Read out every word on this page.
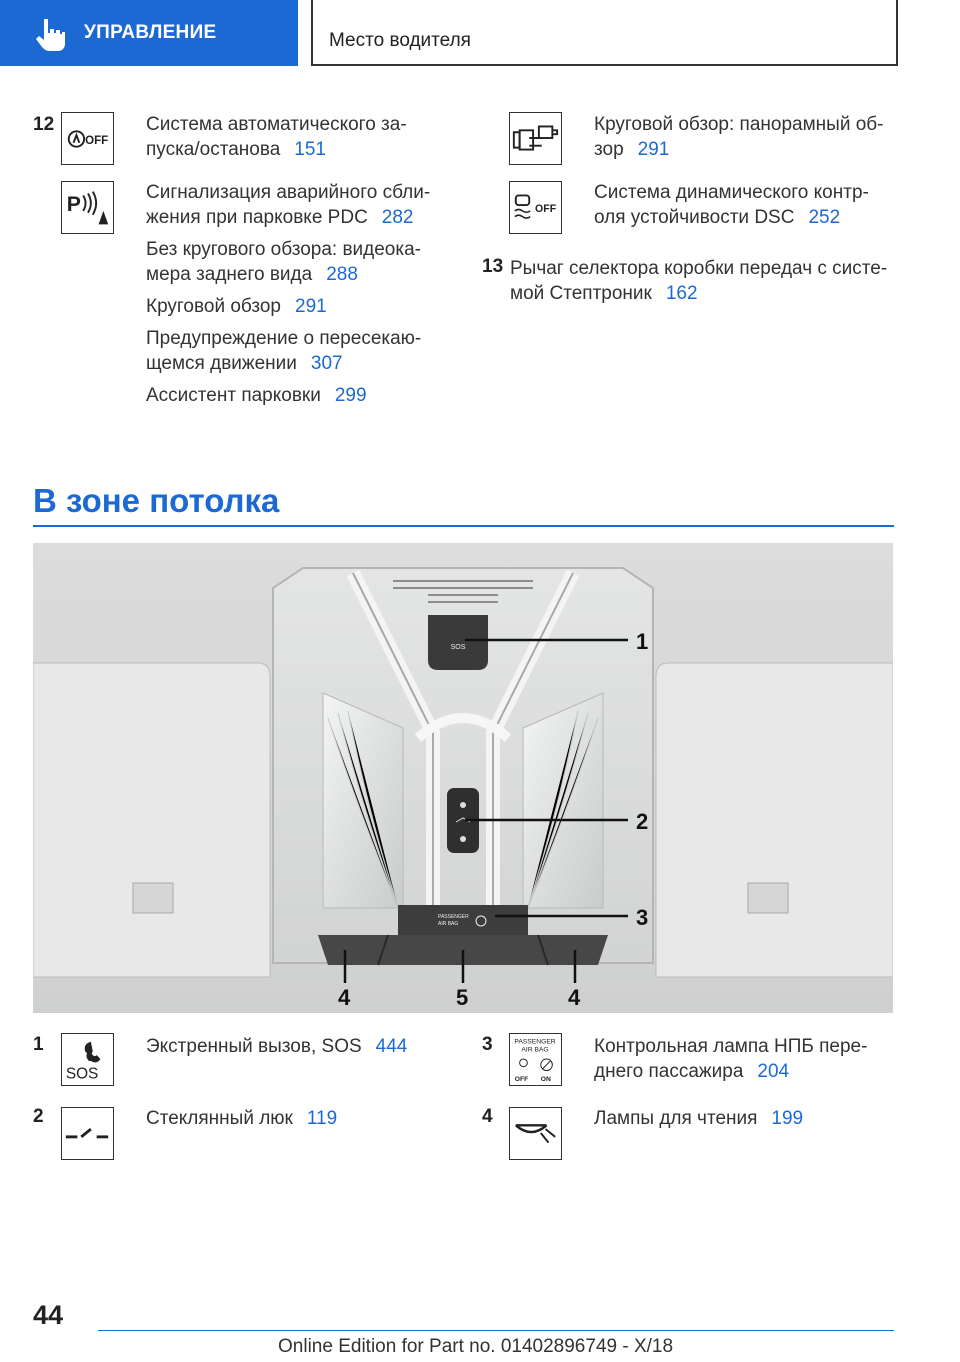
УПРАВЛЕНИЕ	Место водителя
12
OFF
Система автоматического за-
пуска/останова 151
P
Сигнализация аварийного сбли-
жения при парковке PDC 282
Без кругового обзора: видеока-
мера заднего вида 288
Круговой обзор 291
Предупреждение о пересекаю-
щемся движении 307
Ассистент парковки 299
Круговой обзор: панорамный об-
зор 291
OFF
Система динамического контр-
оля устойчивости DSC 252
13 Рычаг селектора коробки передач с систе-
мой Стептроник 162
В зоне потолка
SOS
PASSENGER
AIR BAG
1
2
3
4	5	4
1
SOS
Экстренный вызов, SOS 444
2	Стеклянный люк 119
3	PASSENGER
AIR BAG
OFF ON
Контрольная лампа НПБ пере-
днего пассажира 204
4	Лампы для чтения 199
44
Online Edition for Part no. 01402896749 - X/18
